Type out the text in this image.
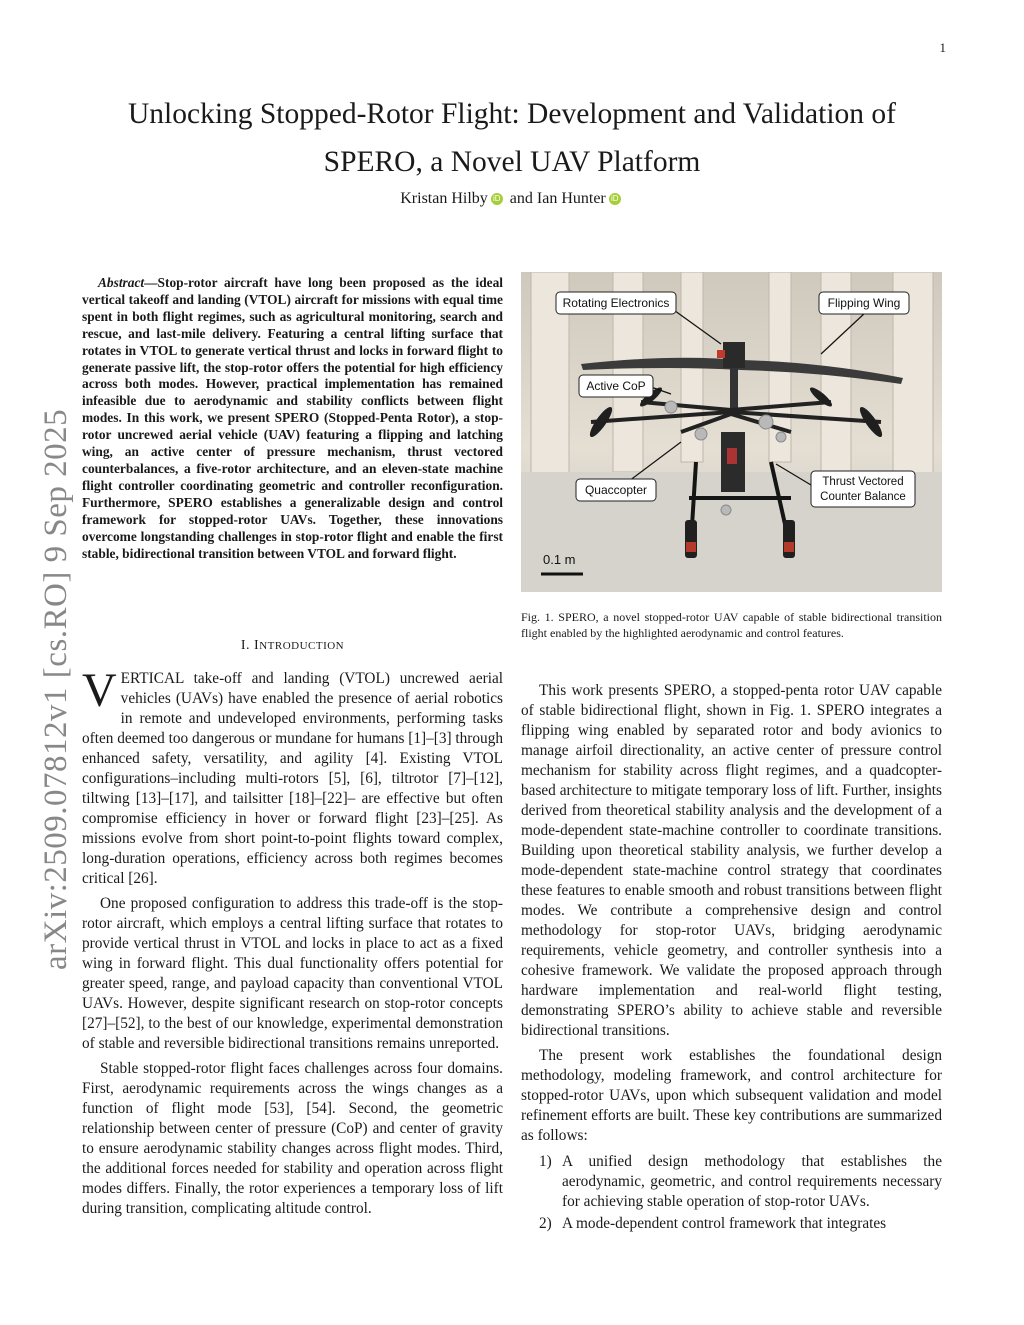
1
arXiv:2509.07812v1 [cs.RO] 9 Sep 2025
Unlocking Stopped-Rotor Flight: Development and Validation of SPERO, a Novel UAV Platform
Kristan Hilby iD and Ian Hunter iD

Abstract—Stop-rotor aircraft have long been proposed as the ideal vertical takeoff and landing (VTOL) aircraft for missions with equal time spent in both flight regimes, such as agricultural monitoring, search and rescue, and last-mile delivery. Featuring a central lifting surface that rotates in VTOL to generate vertical thrust and locks in forward flight to generate passive lift, the stop-rotor offers the potential for high efficiency across both modes. However, practical implementation has remained infeasible due to aerodynamic and stability conflicts between flight modes. In this work, we present SPERO (Stopped-Penta Rotor), a stop-rotor uncrewed aerial vehicle (UAV) featuring a flipping and latching wing, an active center of pressure mechanism, thrust vectored counterbalances, a five-rotor architecture, and an eleven-state machine flight controller coordinating geometric and controller reconfiguration. Furthermore, SPERO establishes a generalizable design and control framework for stopped-rotor UAVs. Together, these innovations overcome longstanding challenges in stop-rotor flight and enable the first stable, bidirectional transition between VTOL and forward flight.

I. INTRODUCTION

VERTICAL take-off and landing (VTOL) uncrewed aerial vehicles (UAVs) have enabled the presence of aerial robotics in remote and undeveloped environments, performing tasks often deemed too dangerous or mundane for humans [1]–[3] through enhanced safety, versatility, and agility [4]. Existing VTOL configurations–including multi-rotors [5], [6], tiltrotor [7]–[12], tiltwing [13]–[17], and tailsitter [18]–[22]– are effective but often compromise efficiency in hover or forward flight [23]–[25]. As missions evolve from short point-to-point flights toward complex, long-duration operations, efficiency across both regimes becomes critical [26].

One proposed configuration to address this trade-off is the stop-rotor aircraft, which employs a central lifting surface that rotates to provide vertical thrust in VTOL and locks in place to act as a fixed wing in forward flight. This dual functionality offers potential for greater speed, range, and payload capacity than conventional VTOL UAVs. However, despite significant research on stop-rotor concepts [27]–[52], to the best of our knowledge, experimental demonstration of stable and reversible bidirectional transitions remains unreported.

Stable stopped-rotor flight faces challenges across four domains. First, aerodynamic requirements across the wings changes as a function of flight mode [53], [54]. Second, the geometric relationship between center of pressure (CoP) and center of gravity to ensure aerodynamic stability changes across flight modes. Third, the additional forces needed for stability and operation across flight modes differs. Finally, the rotor experiences a temporary loss of lift during transition, complicating altitude control.

Rotating Electronics	Flipping Wing
Active CoP
Quaccopter
Thrust Vectored
Counter Balance
0.1 m
Fig. 1. SPERO, a novel stopped-rotor UAV capable of stable bidirectional transition flight enabled by the highlighted aerodynamic and control features.

This work presents SPERO, a stopped-penta rotor UAV capable of stable bidirectional flight, shown in Fig. 1. SPERO integrates a flipping wing enabled by separated rotor and body avionics to manage airfoil directionality, an active center of pressure control mechanism for stability across flight regimes, and a quadcopter-based architecture to mitigate temporary loss of lift. Further, insights derived from theoretical stability analysis and the development of a mode-dependent state-machine controller to coordinate transitions. Building upon theoretical stability analysis, we further develop a mode-dependent state-machine control strategy that coordinates these features to enable smooth and robust transitions between flight modes. We contribute a comprehensive design and control methodology for stop-rotor UAVs, bridging aerodynamic requirements, vehicle geometry, and controller synthesis into a cohesive framework. We validate the proposed approach through hardware implementation and real-world flight testing, demonstrating SPERO’s ability to achieve stable and reversible bidirectional transitions.

The present work establishes the foundational design methodology, modeling framework, and control architecture for stopped-rotor UAVs, upon which subsequent validation and model refinement efforts are built. These key contributions are summarized as follows:

1) A unified design methodology that establishes the aerodynamic, geometric, and control requirements necessary for achieving stable operation of stop-rotor UAVs.
2) A mode-dependent control framework that integrates
